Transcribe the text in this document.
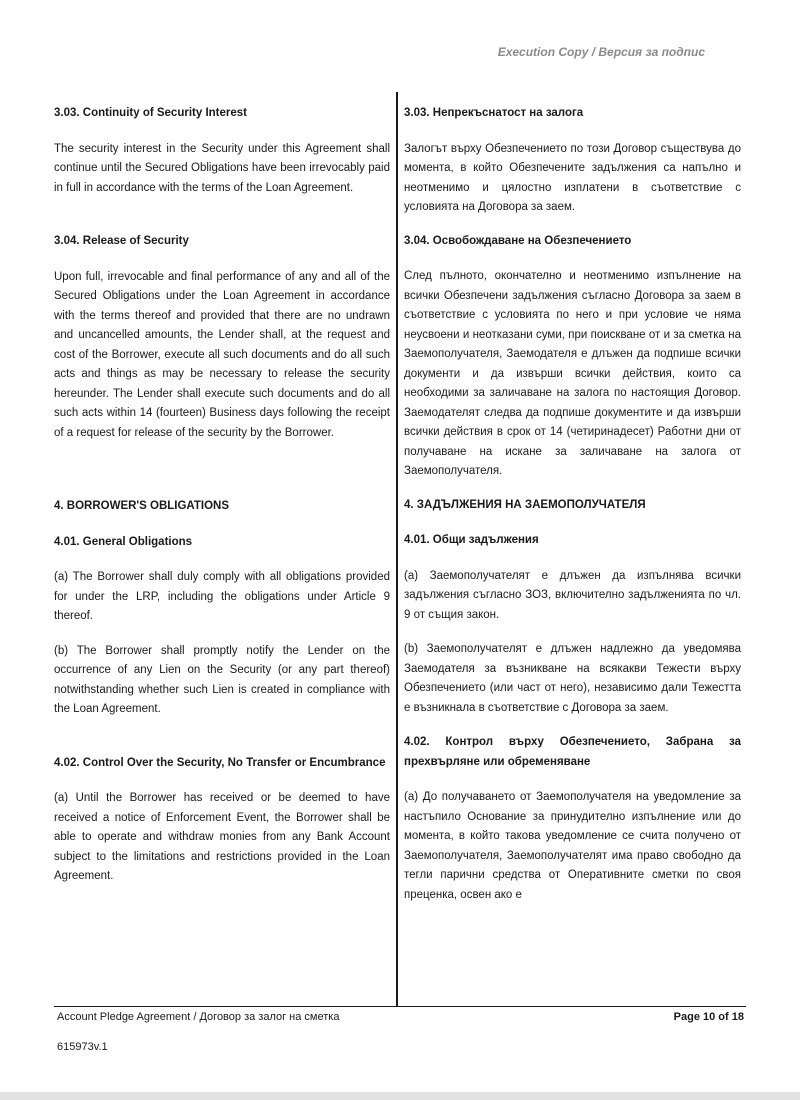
Execution Copy / Версия за подпис

3.03. Continuity of Security Interest

The security interest in the Security under this Agreement shall continue until the Secured Obligations have been irrevocably paid in full in accordance with the terms of the Loan Agreement.

3.04. Release of Security

Upon full, irrevocable and final performance of any and all of the Secured Obligations under the Loan Agreement in accordance with the terms thereof and provided that there are no undrawn and uncancelled amounts, the Lender shall, at the request and cost of the Borrower, execute all such documents and do all such acts and things as may be necessary to release the security hereunder. The Lender shall execute such documents and do all such acts within 14 (fourteen) Business days following the receipt of a request for release of the security by the Borrower.

4. BORROWER'S OBLIGATIONS

4.01. General Obligations

(a) The Borrower shall duly comply with all obligations provided for under the LRP, including the obligations under Article 9 thereof.

(b) The Borrower shall promptly notify the Lender on the occurrence of any Lien on the Security (or any part thereof) notwithstanding whether such Lien is created in compliance with the Loan Agreement.

4.02. Control Over the Security, No Transfer or Encumbrance

(a) Until the Borrower has received or be deemed to have received a notice of Enforcement Event, the Borrower shall be able to operate and withdraw monies from any Bank Account subject to the limitations and restrictions provided in the Loan Agreement.

3.03. Непрекъснатост на залога

Залогът върху Обезпечението по този Договор съществува до момента, в който Обезпечените задължения са напълно и неотменимо и цялостно изплатени в съответствие с условията на Договора за заем.

3.04. Освобождаване на Обезпечението

След пълното, окончателно и неотменимо изпълнение на всички Обезпечени задължения съгласно Договора за заем в съответствие с условията по него и при условие че няма неусвоени и неотказани суми, при поискване от и за сметка на Заемополучателя, Заемодателя е длъжен да подпише всички документи и да извърши всички действия, които са необходими за заличаване на залога по настоящия Договор. Заемодателят следва да подпише документите и да извърши всички действия в срок от 14 (четиринадесет) Работни дни от получаване на искане за заличаване на залога от Заемополучателя.

4. ЗАДЪЛЖЕНИЯ НА ЗАЕМОПОЛУЧАТЕЛЯ

4.01. Общи задължения

(а) Заемополучателят е длъжен да изпълнява всички задължения съгласно ЗОЗ, включително задълженията по чл. 9 от същия закон.

(b) Заемополучателят е длъжен надлежно да уведомява Заемодателя за възникване на всякакви Тежести върху Обезпечението (или част от него), независимо дали Тежестта е възникнала в съответствие с Договора за заем.

4.02. Контрол върху Обезпечението, Забрана за прехвърляне или обременяване

(а) До получаването от Заемополучателя на уведомление за настъпило Основание за принудително изпълнение или до момента, в който такова уведомление се счита получено от Заемополучателя, Заемополучателят има право свободно да тегли парични средства от Оперативните сметки по своя преценка, освен ако е

Account Pledge Agreement / Договор за залог на сметка	Page 10 of 18
615973v.1
